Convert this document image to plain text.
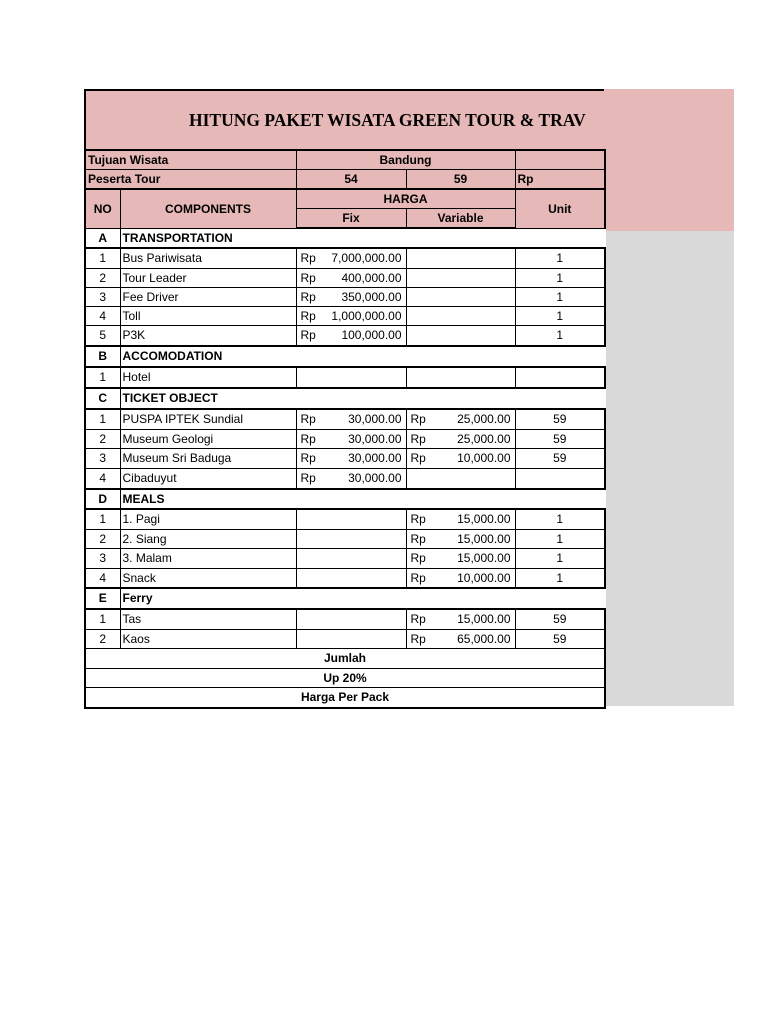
HITUNG PAKET WISATA GREEN TOUR & TRAV
Tujuan Wisata		Bandung		
Peserta Tour		54	59	Rp
NO	COMPONENTS	HARGA		Unit
		Fix	Variable	
A	TRANSPORTATION			
1	Bus Pariwisata	Rp 7,000,000.00		1
2	Tour Leader	Rp 400,000.00		1
3	Fee Driver	Rp 350,000.00		1
4	Toll	Rp 1,000,000.00		1
5	P3K	Rp 100,000.00		1
B	ACCOMODATION			
1	Hotel			
C	TICKET OBJECT			
1	PUSPA IPTEK Sundial	Rp 30,000.00	Rp 25,000.00	59
2	Museum Geologi	Rp 30,000.00	Rp 25,000.00	59
3	Museum Sri Baduga	Rp 30,000.00	Rp 10,000.00	59
4	Cibaduyut	Rp 30,000.00		

D	MEALS			
1	1. Pagi		Rp 15,000.00	1
2	2. Siang		Rp 15,000.00	1
3	3. Malam		Rp 15,000.00	1
4	Snack		Rp 10,000.00	1
E	Ferry			
1	Tas		Rp 15,000.00	59
2	Kaos		Rp 65,000.00	59
Jumlah				
Up 20%				
Harga Per Pack				
